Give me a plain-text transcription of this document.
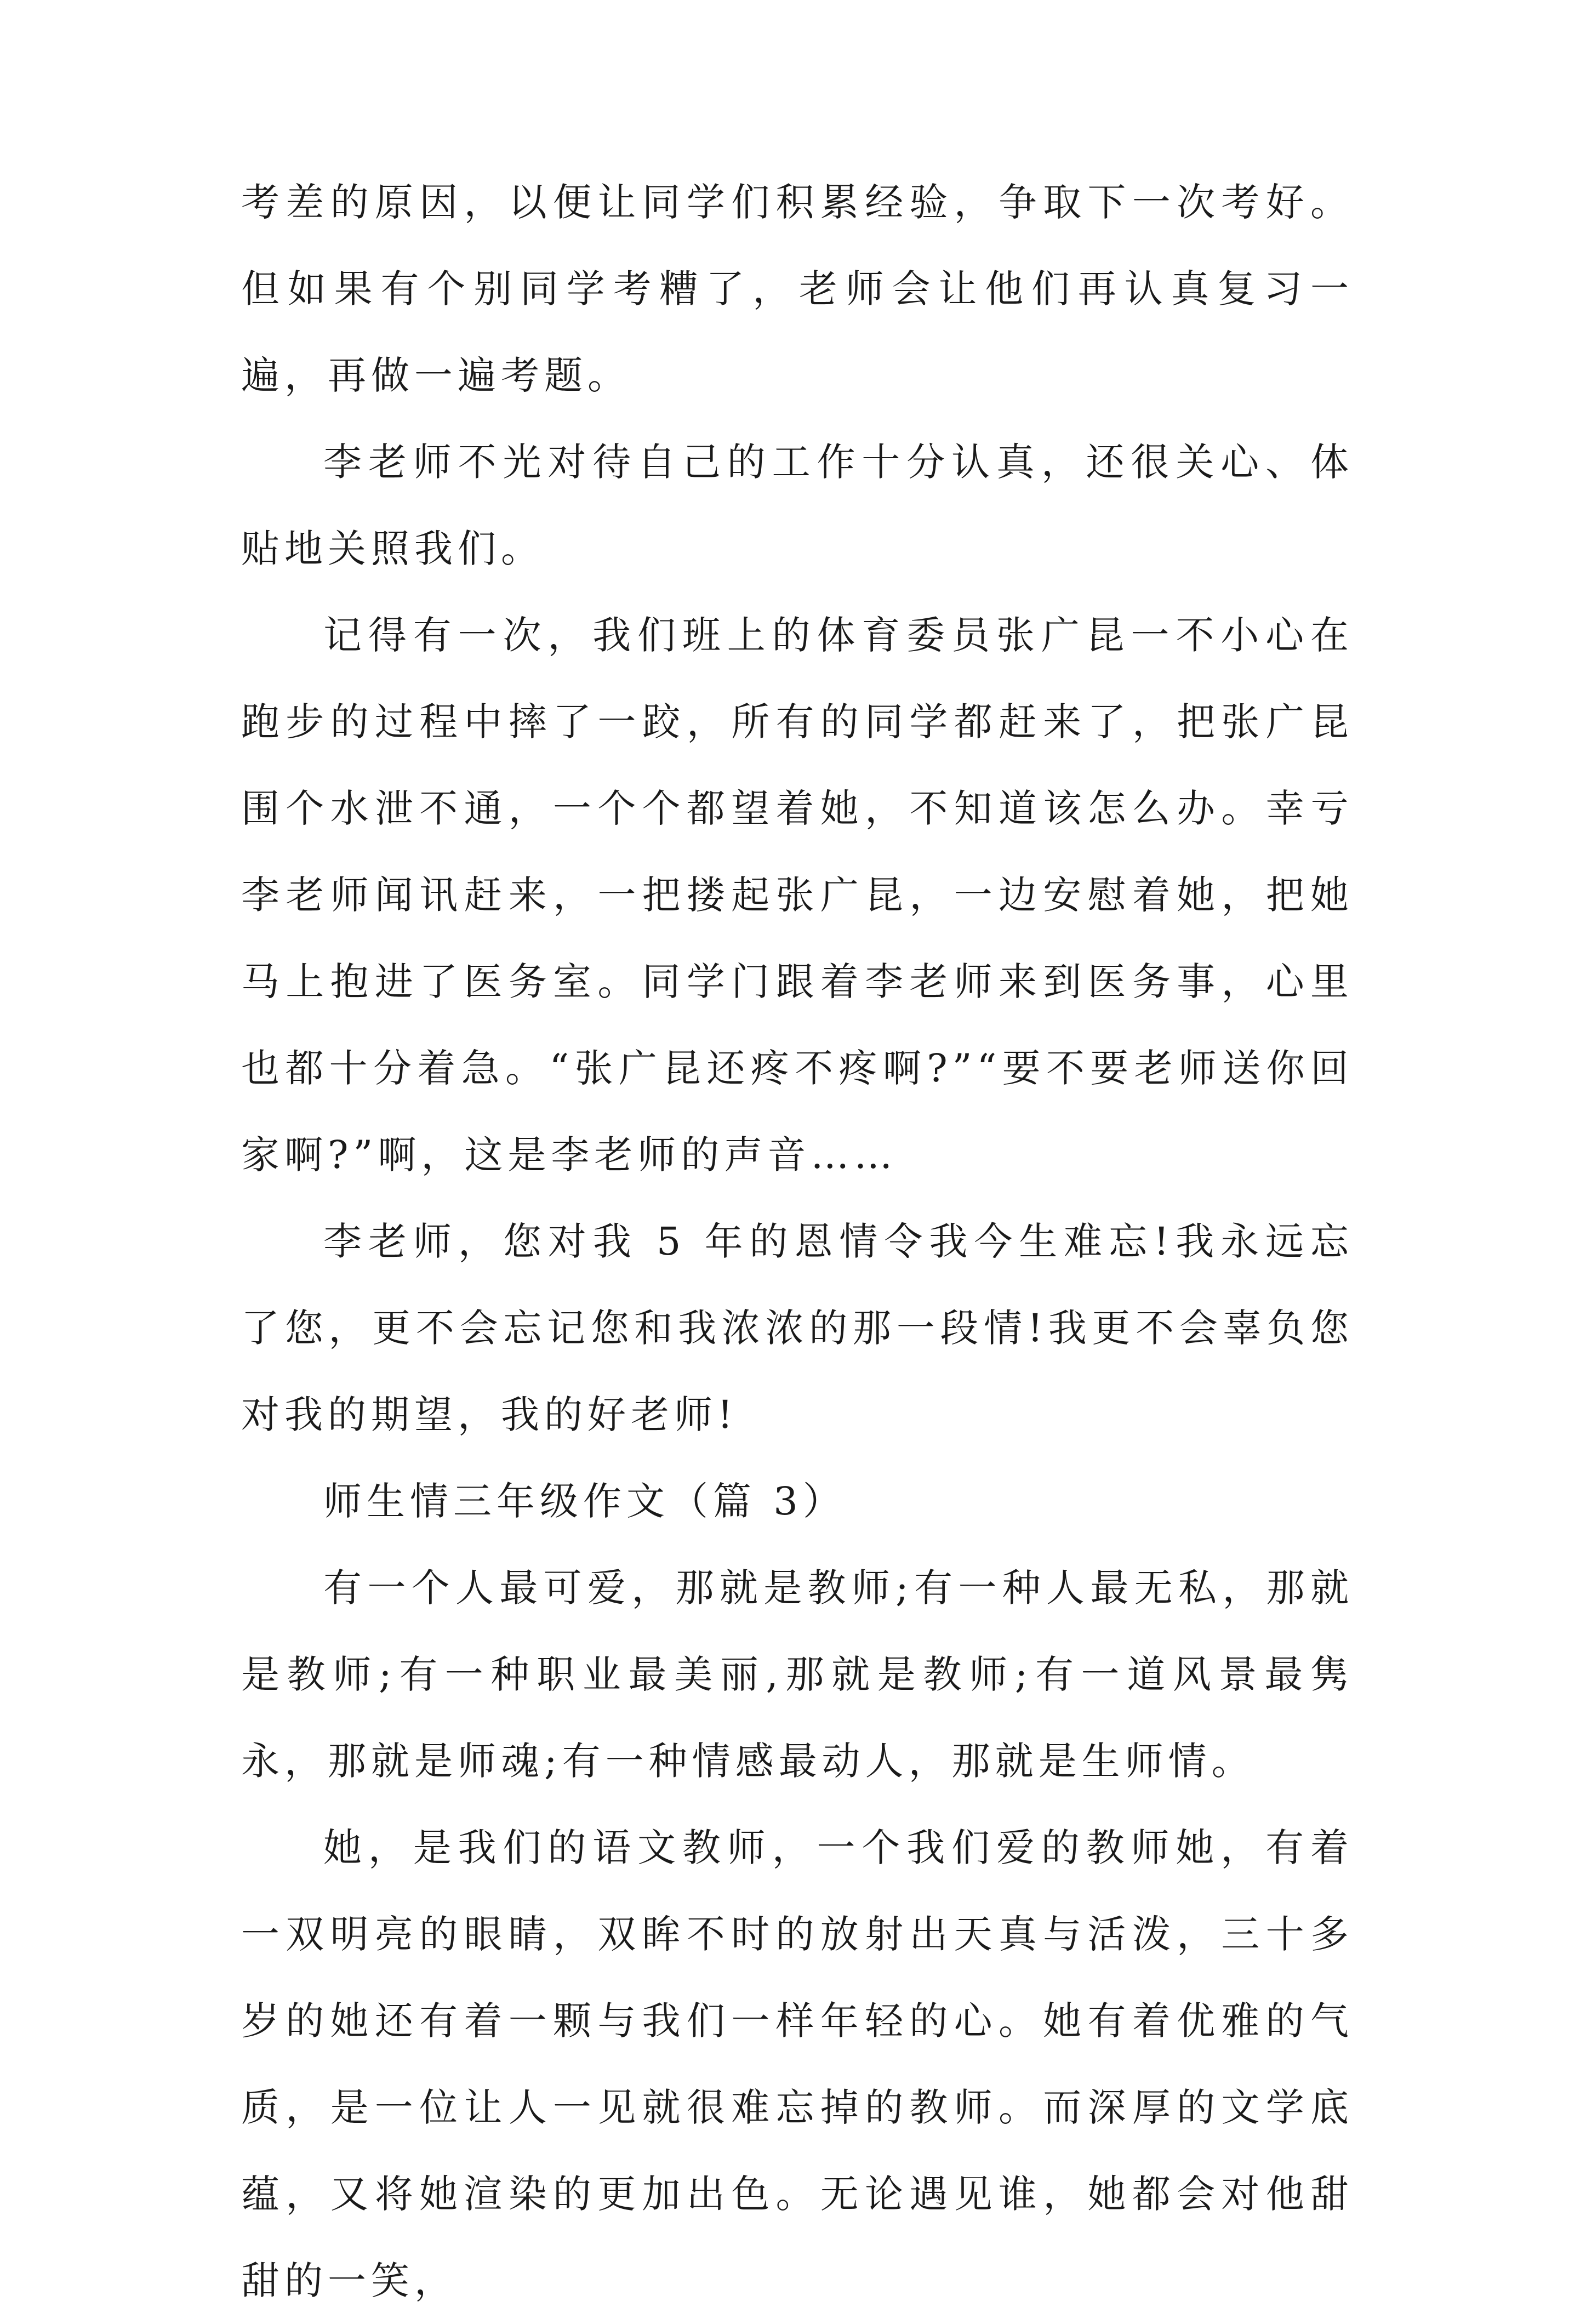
考差的原因，以便让同学们积累经验，争取下一次考好。但如果有个别同学考糟了，老师会让他们再认真复习一遍，再做一遍考题。

李老师不光对待自己的工作十分认真，还很关心、体贴地关照我们。

记得有一次，我们班上的体育委员张广昆一不小心在跑步的过程中摔了一跤，所有的同学都赶来了，把张广昆围个水泄不通，一个个都望着她，不知道该怎么办。幸亏李老师闻讯赶来，一把搂起张广昆，一边安慰着她，把她马上抱进了医务室。同学门跟着李老师来到医务事，心里也都十分着急。“张广昆还疼不疼啊?”“要不要老师送你回家啊?”啊，这是李老师的声音……

李老师，您对我 5 年的恩情令我今生难忘!我永远忘了您，更不会忘记您和我浓浓的那一段情!我更不会辜负您对我的期望，我的好老师!

师生情三年级作文（篇 3）

有一个人最可爱，那就是教师;有一种人最无私，那就是教师;有一种职业最美丽,那就是教师;有一道风景最隽永，那就是师魂;有一种情感最动人，那就是生师情。

她，是我们的语文教师，一个我们爱的教师她，有着一双明亮的眼睛，双眸不时的放射出天真与活泼，三十多岁的她还有着一颗与我们一样年轻的心。她有着优雅的气质，是一位让人一见就很难忘掉的教师。而深厚的文学底蕴，又将她渲染的更加出色。无论遇见谁，她都会对他甜甜的一笑，
